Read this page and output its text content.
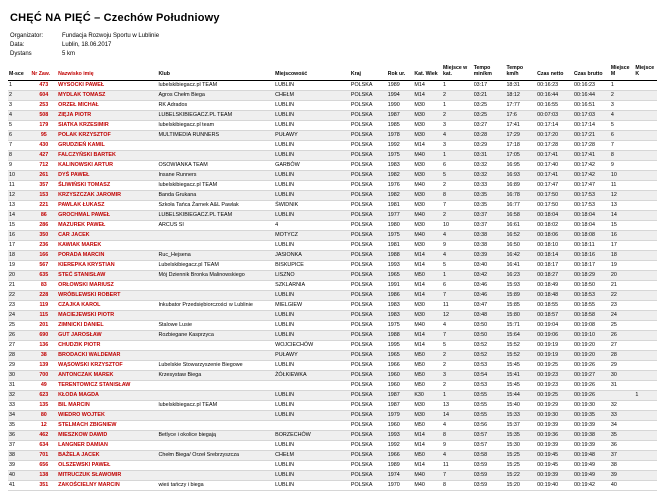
CHĘĆ NA PIĘĆ – Czechów Południowy
Organizator:	Fundacja Rozwoju Sportu w Lublinie
Data:	Lublin, 18.06.2017
Dystans	5 km
M-sce	Nr Zaw.	Nazwisko imię	Klub	Miejscowość	Kraj	Rok ur.	Kat. Wiek	Miejsce w kat.	Tempo min/km	Tempo km/h	Czas netto	Czas brutto	Miejsce M	Miejsce K
1	473	WYSOCKI PAWEŁ	lubelskibiegacz.pl TEAM	LUBLIN	POLSKA	1989	M14	1	03:17	18:31	00:16:23	00:16:23	1	
2	604	MYDLAK TOMASZ	Agros Chełm Biega	CHEŁM	POLSKA	1994	M14	2	03:21	18:12	00:16:44	00:16:44	2	
3	253	ORZEŁ MICHAŁ	RK Adrados	LUBLIN	POLSKA	1990	M30	1	03:25	17:77	00:16:55	00:16:51	3	
4	508	ZIĘJA PIOTR	LUBELSKIBIEGACZ.PL TEAM	LUBLIN	POLSKA	1987	M30	2	03:25	17:6	00:07:03	00:17:03	4	
5	179	SIATKA KRZESIMIR	lubelskibiegacz.pl team	LUBLIN	POLSKA	1985	M30	3	03:27	17:41	00:17:14	00:17:14	5	
6	95	POLAK KRZYSZTOF	MULTIMEDIA RUNNERS	PUŁAWY	POLSKA	1978	M30	4	03:28	17:29	00:17:20	00:17:21	6	
7	430	GRUDZIEŃ KAMIL		LUBLIN	POLSKA	1992	M14	3	03:29	17:18	00:17:28	00:17:28	7	
8	427	FALCZYŃSKI BARTEK		LUBLIN	POLSKA	1975	M40	1	03:31	17:05	00:17:41	00:17:41	8	
9	712	KALINOWSKI ARTUR	OSOWIANKA TEAM	GARBÓW	POLSKA	1983	M30	6	03:32	16:95	00:17:40	00:17:42	9	
10	261	DYŚ PAWEŁ	Insane Runners	LUBLIN	POLSKA	1982	M30	5	03:32	16:93	00:17:41	00:17:42	10	
11	357	ŚLIWIŃSKI TOMASZ	lubelskibiegacz.pl TEAM	LUBLIN	POLSKA	1976	M40	2	03:33	16:89	00:17:47	00:17:47	11	
12	153	KRZYSZCZAK JAROMIR	Banda Grukana	LUBLIN	POLSKA	1982	M30	8	03:35	16:78	00:17:50	00:17:53	12	
13	221	PAWLAK ŁUKASZ	Szkoła Tańca Żarnek A&L Pawlak	ŚWIDNIK	POLSKA	1981	M30	7	03:35	16:77	00:17:50	00:17:53	13	
14	86	GROCHMAL PAWEŁ	LUBELSKIBIEGACZ.PL TEAM	LUBLIN	POLSKA	1977	M40	2	03:37	16:58	00:18:04	00:18:04	14	
15	286	MAZUREK PAWEŁ	ARCUS SI	4	POLSKA	1980	M30	10	03:37	16:61	00:18:02	00:18:04	15	
16	350	CAR JACEK		MOTYCZ	POLSKA	1975	M40	4	03:38	16:52	00:18:06	00:18:08	16	
17	236	KAWIAK MAREK		LUBLIN	POLSKA	1981	M30	9	03:38	16:50	00:18:10	00:18:11	17	
18	166	PORADA MARCIN	Ruc_Hejsena	JASIONKA	POLSKA	1988	M14	4	03:39	16:42	00:18:14	00:18:16	18	
19	567	KIEREPKA KRYSTIAN	Lubelskibiegacz.pl TEAM	BISKUPICE	POLSKA	1993	M14	5	03:40	16:41	00:18:17	00:18:17	19	
20	635	STEĆ STANISŁAW	Mój Dziennik Bronka Malinowskiego	LISZNO	POLSKA	1965	M50	1	03:42	16:23	00:18:27	00:18:29	20	
21	83	ORŁOWSKI MARIUSZ		SZKLARNIA	POLSKA	1991	M14	6	03:46	15:93	00:18:49	00:18:50	21	
22	228	WRÓBLEWSKI ROBERT		LUBLIN	POLSKA	1986	M14	7	03:46	15:89	00:18:48	00:18:53	22	
23	119	CZAJKA KAROL	Inkubator Przedsiębiorczości w Lublinie	MIELGIEW	POLSKA	1983	M30	11	03:47	15:85	00:18:55	00:18:55	23	
24	115	MACIEJEWSKI PIOTR		LUBLIN	POLSKA	1983	M30	12	03:48	15:80	00:18:57	00:18:58	24	
25	201	ZIMNICKI DANIEL	Stalowe Lusie	LUBLIN	POLSKA	1975	M40	4	03:50	15:71	00:19:04	00:19:08	25	
26	690	GUT JAROSŁAW	Rozbiegane Kasprzyca	LUBLIN	POLSKA	1988	M14	7	03:50	15:64	00:19:06	00:19:10	26	
27	136	CHUDZIK PIOTR		WOJCIECHÓW	POLSKA	1995	M14	5	03:52	15:52	00:19:19	00:19:20	27	
28	38	BRODACKI WALDEMAR		PUŁAWY	POLSKA	1965	M50	2	03:52	15:52	00:19:19	00:19:20	28	
29	139	WĄSOWSKI KRZYSZTOF	Lubelskie Stowarzyszenie Biegowe	LUBLIN	POLSKA	1966	M50	2	03:53	15:45	00:19:25	00:19:26	29	
30	700	ANTONCZAK MAREK	Krzesystaw Biega	ŻÓŁKIEWKA	POLSKA	1960	M50	3	03:54	15:41	00:19:23	00:19:27	30	
31	49	TERENTOWICZ STANISŁAW			POLSKA	1960	M50	2	03:53	15:45	00:19:23	00:19:26	31	
32	623	KŁODA MAGDA		LUBLIN	POLSKA	1987	K30	1	03:55	15:44	00:19:25	00:19:26		1
33	135	BIL MARCIN	lubelskibiegacz.pl TEAM	LUBLIN	POLSKA	1987	M30	13	03:55	15:40	00:19:29	00:19:30	32	
34	80	WIEDRO WOJTEK		LUBLIN	POLSKA	1979	M30	14	03:55	15:33	00:19:30	00:19:35	33	
35	12	STELMACH ZBIGNIEW			POLSKA	1960	M50	4	03:56	15:37	00:19:39	00:19:39	34	
36	462	MIESZKOW DAWID	Betlyce i okolice biegają	BORZECHÓW	POLSKA	1993	M14	8	03:57	15:35	00:19:36	00:19:38	35	
37	634	LANGNER DAMIAN		LUBLIN	POLSKA	1992	M14	9	03:57	15:30	00:19:39	00:19:39	36	
38	701	BAŻELA JACEK	Chełm Biega/ Orzeł Srebrzyszcza	CHEŁM	POLSKA	1966	M50	4	03:58	15:25	00:19:45	00:19:48	37	
39	656	OLSZEWSKI PAWEŁ		LUBLIN	POLSKA	1989	M14	11	03:59	15:25	00:19:45	00:19:49	38	
40	138	MITRUCZUK SŁAWOMIR		LUBLIN	POLSKA	1974	M40	7	03:59	15:22	00:19:39	00:19:49	39	
41	351	ZAKOŚCIELNY MARCIN	wieś tańczy i biega	LUBLIN	POLSKA	1970	M40	8	03:59	15:20	00:19:40	00:19:42	40	
